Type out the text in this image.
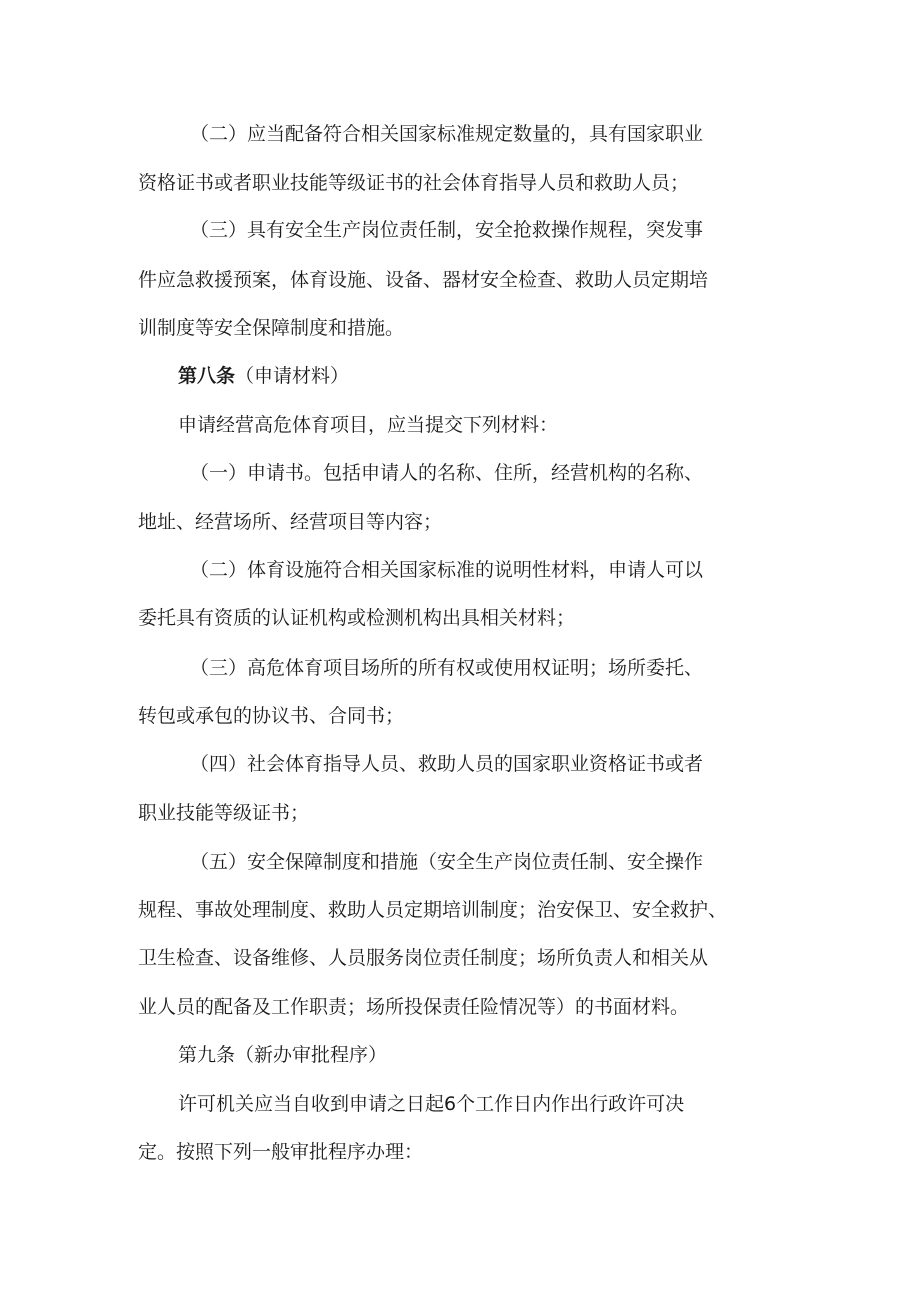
（二）应当配备符合相关国家标准规定数量的，具有国家职业
资格证书或者职业技能等级证书的社会体育指导人员和救助人员；
（三）具有安全生产岗位责任制，安全抢救操作规程，突发事
件应急救援预案，体育设施、设备、器材安全检查、救助人员定期培
训制度等安全保障制度和措施。
第八条（申请材料）
申请经营高危体育项目，应当提交下列材料：
（一）申请书。包括申请人的名称、住所，经营机构的名称、
地址、经营场所、经营项目等内容；
（二）体育设施符合相关国家标准的说明性材料，申请人可以
委托具有资质的认证机构或检测机构出具相关材料；
（三）高危体育项目场所的所有权或使用权证明；场所委托、
转包或承包的协议书、合同书；
（四）社会体育指导人员、救助人员的国家职业资格证书或者
职业技能等级证书；
（五）安全保障制度和措施（安全生产岗位责任制、安全操作
规程、事故处理制度、救助人员定期培训制度；治安保卫、安全救护、
卫生检查、设备维修、人员服务岗位责任制度；场所负责人和相关从
业人员的配备及工作职责；场所投保责任险情况等）的书面材料。
第九条（新办审批程序）
许可机关应当自收到申请之日起6个工作日内作出行政许可决
定。按照下列一般审批程序办理：
